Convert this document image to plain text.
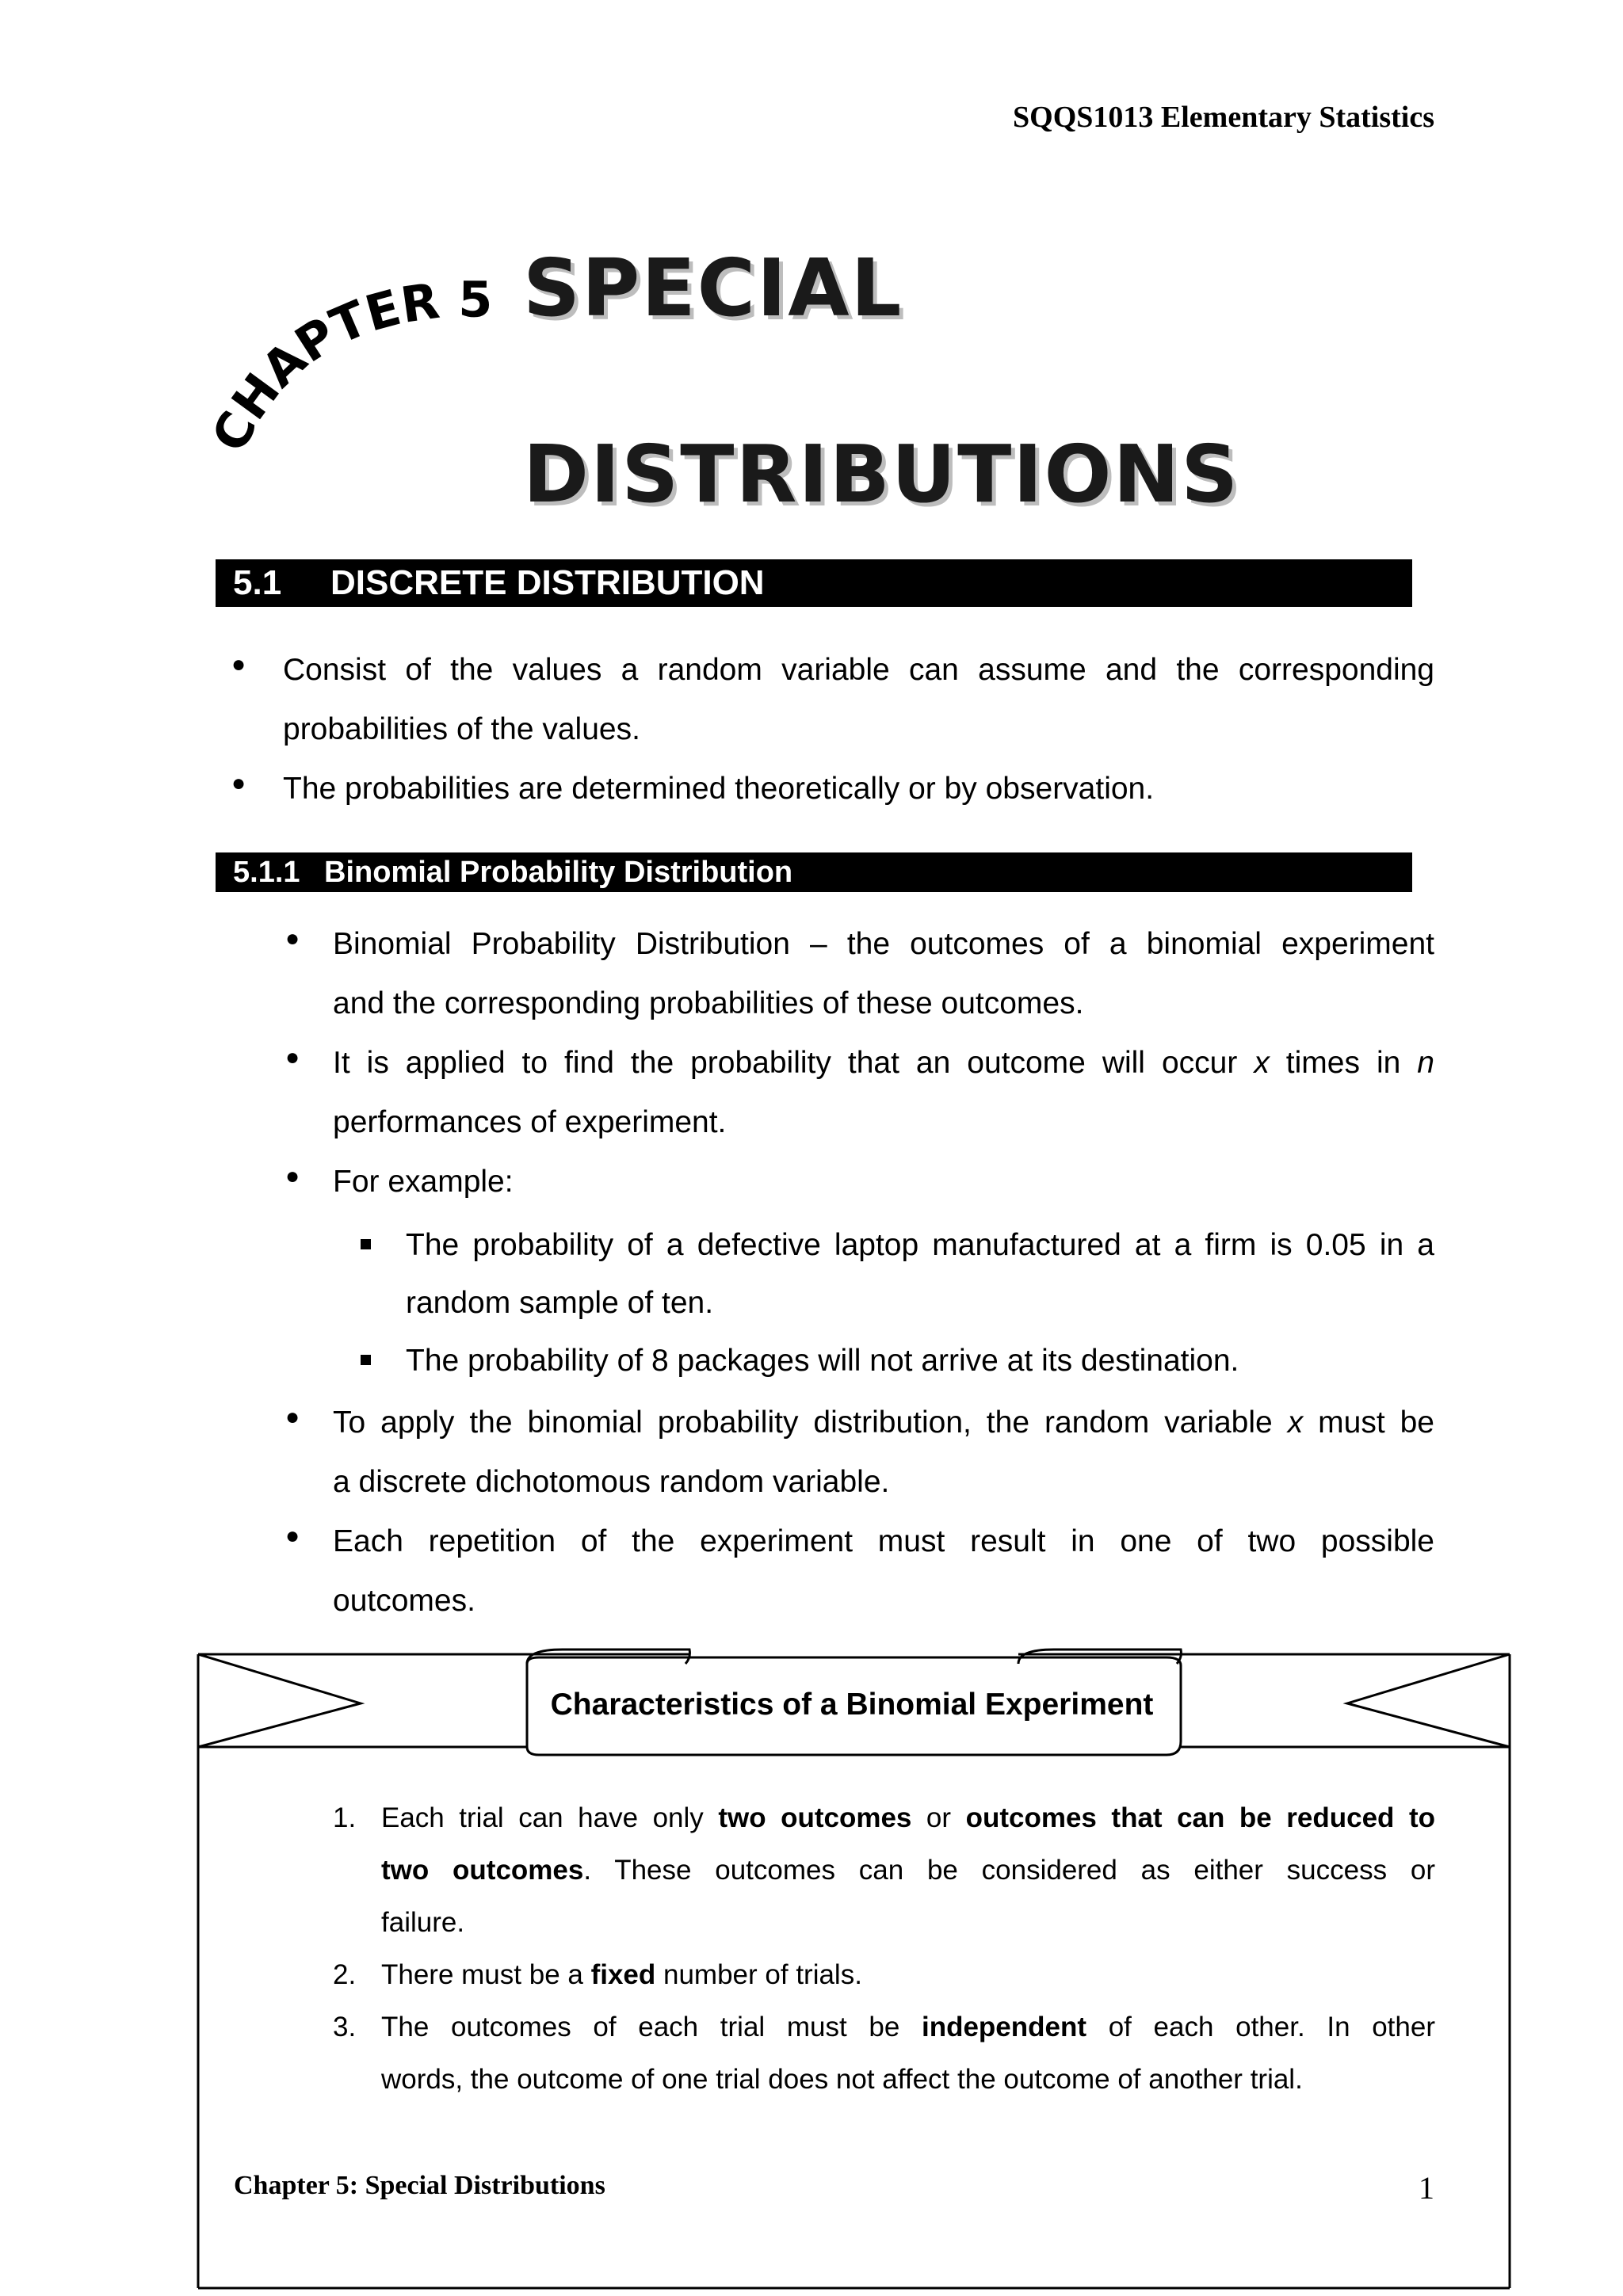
SQQS1013 Elementary Statistics
CHAPTER 5:	SPECIAL
DISTRIBUTIONS
5.1 DISCRETE DISTRIBUTION
● Consist of the values a random variable can assume and the corresponding
probabilities of the values.
● The probabilities are determined theoretically or by observation.
5.1.1 Binomial Probability Distribution
● Binomial Probability Distribution – the outcomes of a binomial experiment
and the corresponding probabilities of these outcomes.
● It is applied to find the probability that an outcome will occur x times in n
performances of experiment.
● For example:
The probability of a defective laptop manufactured at a firm is 0.05 in a
random sample of ten.
The probability of 8 packages will not arrive at its destination.
● To apply the binomial probability distribution, the random variable x must be
a discrete dichotomous random variable.
● Each repetition of the experiment must result in one of two possible
outcomes.
Characteristics of a Binomial Experiment
1. Each trial can have only two outcomes or outcomes that can be reduced to
two outcomes. These outcomes can be considered as either success or
failure.
2. There must be a fixed number of trials.
3. The outcomes of each trial must be independent of each other. In other
words, the outcome of one trial does not affect the outcome of another trial.
Chapter 5: Special Distributions	1
